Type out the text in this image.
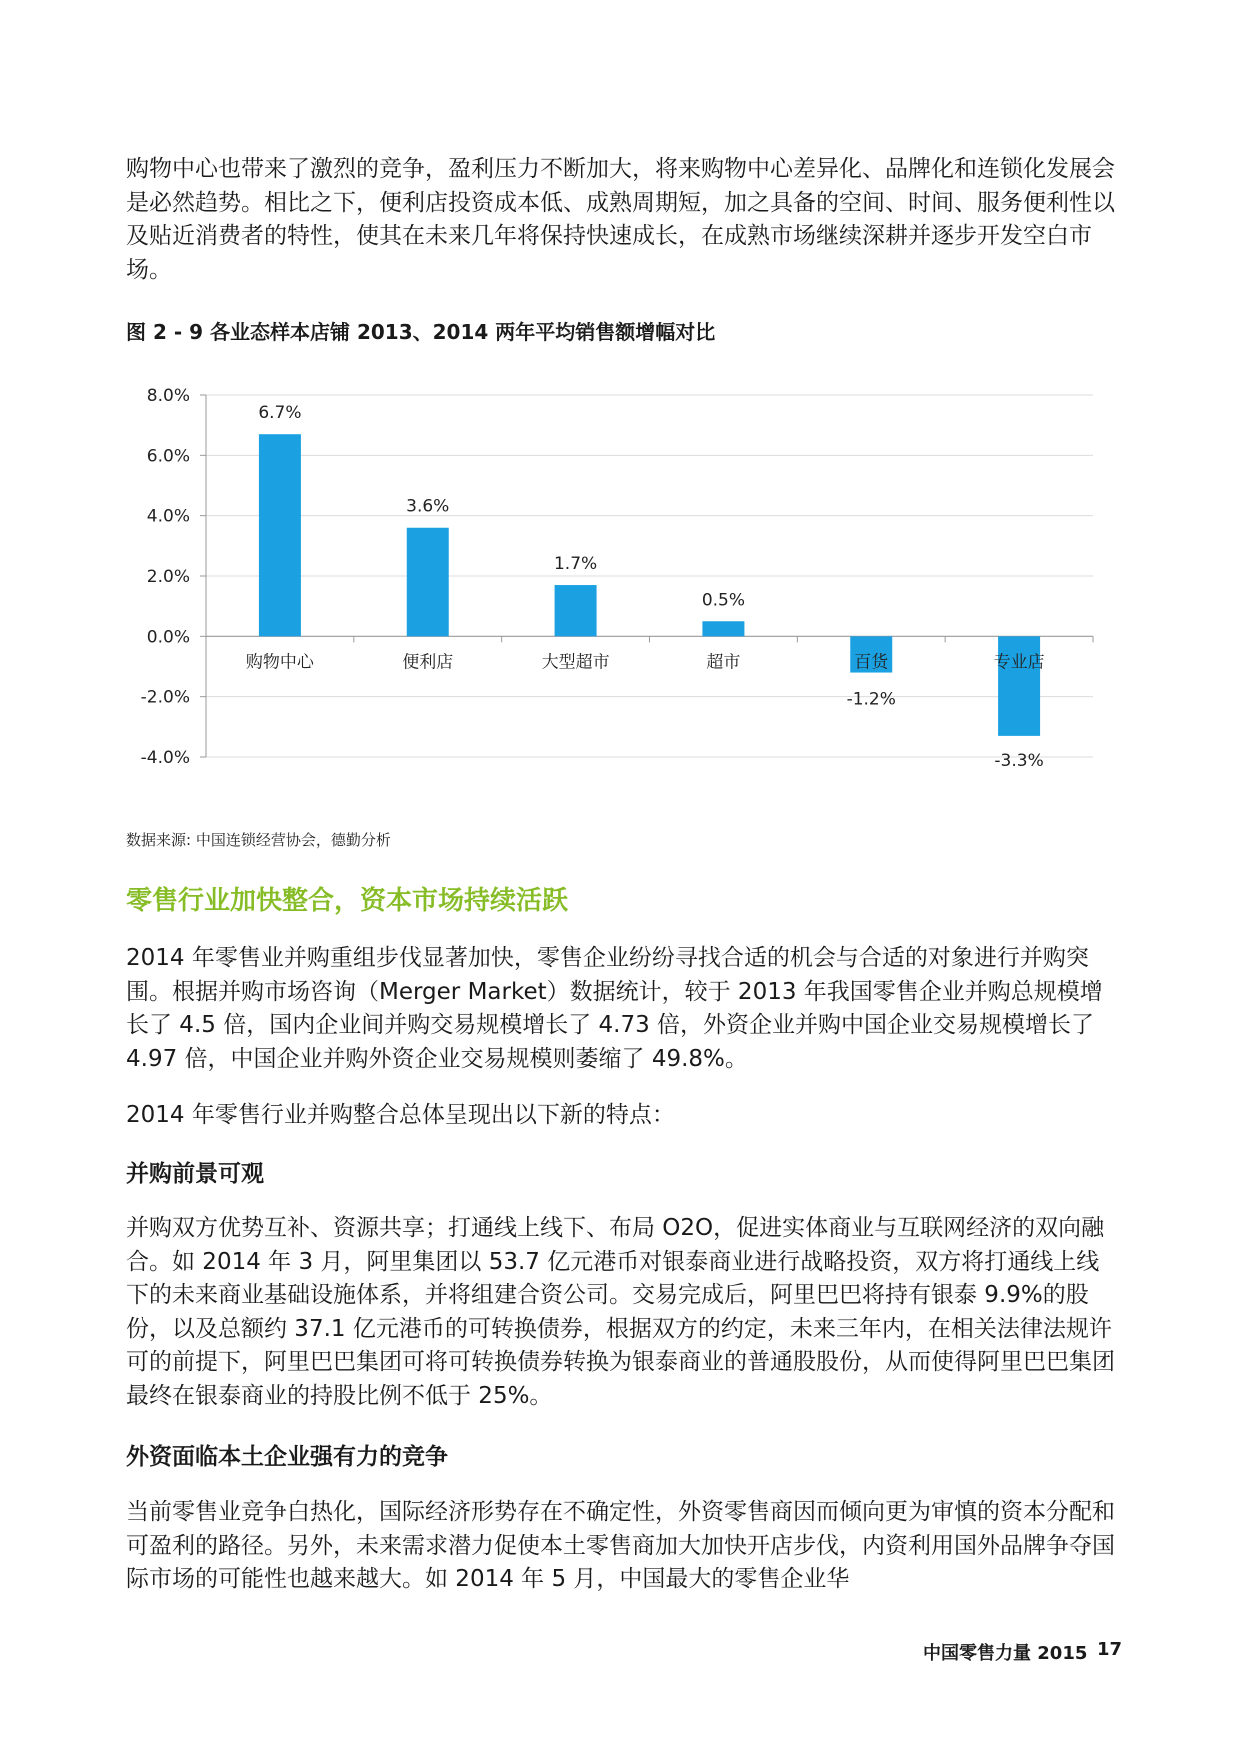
购物中心也带来了激烈的竞争，盈利压力不断加大，将来购物中心差异化、品牌化和连锁化发展会是必然趋势。相比之下，便利店投资成本低、成熟周期短，加之具备的空间、时间、服务便利性以及贴近消费者的特性，使其在未来几年将保持快速成长，在成熟市场继续深耕并逐步开发空白市场。

图 2 - 9 各业态样本店铺 2013、2014 两年平均销售额增幅对比
8.0%
6.0%
4.0%
2.0%
0.0%
-2.0%
-4.0%
购物中心	便利店	大型超市	超市	百货	专业店
6.7%
3.6%
1.7%
0.5%
-1.2%
-3.3%
数据来源: 中国连锁经营协会，德勤分析
零售行业加快整合，资本市场持续活跃

2014 年零售业并购重组步伐显著加快，零售企业纷纷寻找合适的机会与合适的对象进行并购突围。根据并购市场咨询（Merger Market）数据统计，较于 2013 年我国零售企业并购总规模增长了 4.5 倍，国内企业间并购交易规模增长了 4.73 倍，外资企业并购中国企业交易规模增长了 4.97 倍，中国企业并购外资企业交易规模则萎缩了 49.8%。

2014 年零售行业并购整合总体呈现出以下新的特点：

并购前景可观

并购双方优势互补、资源共享；打通线上线下、布局 O2O，促进实体商业与互联网经济的双向融合。如 2014 年 3 月，阿里集团以 53.7 亿元港币对银泰商业进行战略投资，双方将打通线上线下的未来商业基础设施体系，并将组建合资公司。交易完成后，阿里巴巴将持有银泰 9.9%的股份，以及总额约 37.1 亿元港币的可转换债券，根据双方的约定，未来三年内，在相关法律法规许可的前提下，阿里巴巴集团可将可转换债券转换为银泰商业的普通股股份，从而使得阿里巴巴集团最终在银泰商业的持股比例不低于 25%。

外资面临本土企业强有力的竞争

当前零售业竞争白热化，国际经济形势存在不确定性，外资零售商因而倾向更为审慎的资本分配和可盈利的路径。另外，未来需求潜力促使本土零售商加大加快开店步伐，内资利用国外品牌争夺国际市场的可能性也越来越大。如 2014 年 5 月，中国最大的零售企业华

中国零售力量 2015 17
